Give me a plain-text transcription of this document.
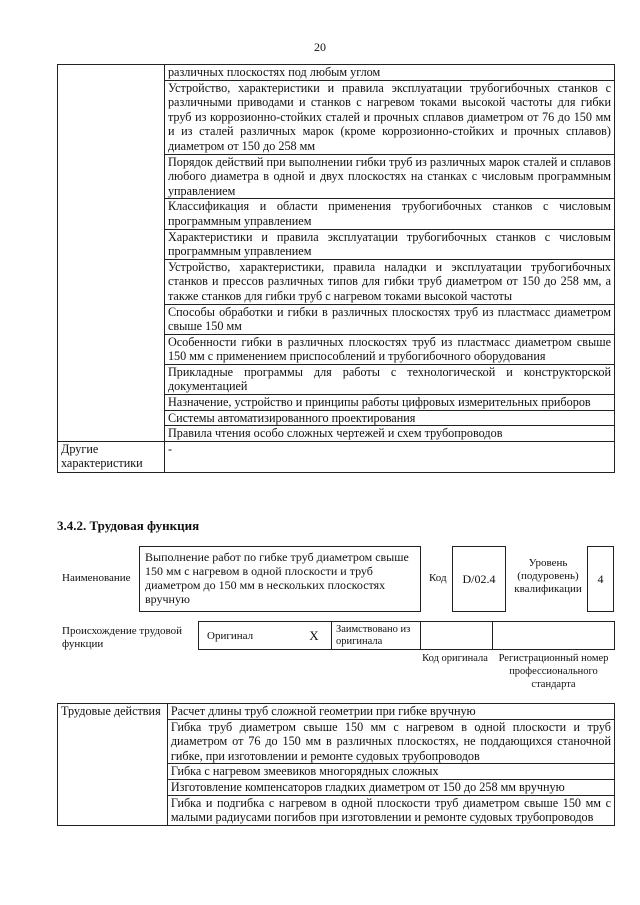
20
	различных плоскостях под любым углом
	Устройство, характеристики и правила эксплуатации трубогибочных станков с различными приводами и станков с нагревом токами высокой частоты для гибки труб из коррозионно-стойких сталей и прочных сплавов диаметром от 76 до 150 мм и из сталей различных марок (кроме коррозионно-стойких и прочных сплавов) диаметром от 150 до 258 мм
	Порядок действий при выполнении гибки труб из различных марок сталей и сплавов любого диаметра в одной и двух плоскостях на станках с числовым программным управлением
	Классификация и области применения трубогибочных станков с числовым программным управлением
	Характеристики и правила эксплуатации трубогибочных станков с числовым программным управлением
	Устройство, характеристики, правила наладки и эксплуатации трубогибочных станков и прессов различных типов для гибки труб диаметром от 150 до 258 мм, а также станков для гибки труб с нагревом токами высокой частоты
	Способы обработки и гибки в различных плоскостях труб из пластмасс диаметром свыше 150 мм
	Особенности гибки в различных плоскостях труб из пластмасс диаметром свыше 150 мм с применением приспособлений и трубогибочного оборудования
	Прикладные программы для работы с технологической и конструкторской документацией
	Назначение, устройство и принципы работы цифровых измерительных приборов
	Системы автоматизированного проектирования
	Правила чтения особо сложных чертежей и схем трубопроводов
Другие характеристики	-
3.4.2. Трудовая функция
Наименование
Выполнение работ по гибке труб диаметром свыше 150 мм с нагревом в одной плоскости и труб диаметром до 150 мм в нескольких плоскостях вручную
Код	D/02.4
Уровень (подуровень) квалификации
4
Происхождение трудовой функции
Оригинал	X	Заимствовано из оригинала
Код оригинала	Регистрационный номер профессионального стандарта
Трудовые действия	Расчет длины труб сложной геометрии при гибке вручную
Гибка труб диаметром свыше 150 мм с нагревом в одной плоскости и труб диаметром от 76 до 150 мм в различных плоскостях, не поддающихся станочной гибке, при изготовлении и ремонте судовых трубопроводов
Гибка с нагревом змеевиков многорядных сложных
Изготовление компенсаторов гладких диаметром от 150 до 258 мм вручную
Гибка и подгибка с нагревом в одной плоскости труб диаметром свыше 150 мм с малыми радиусами погибов при изготовлении и ремонте судовых трубопроводов
